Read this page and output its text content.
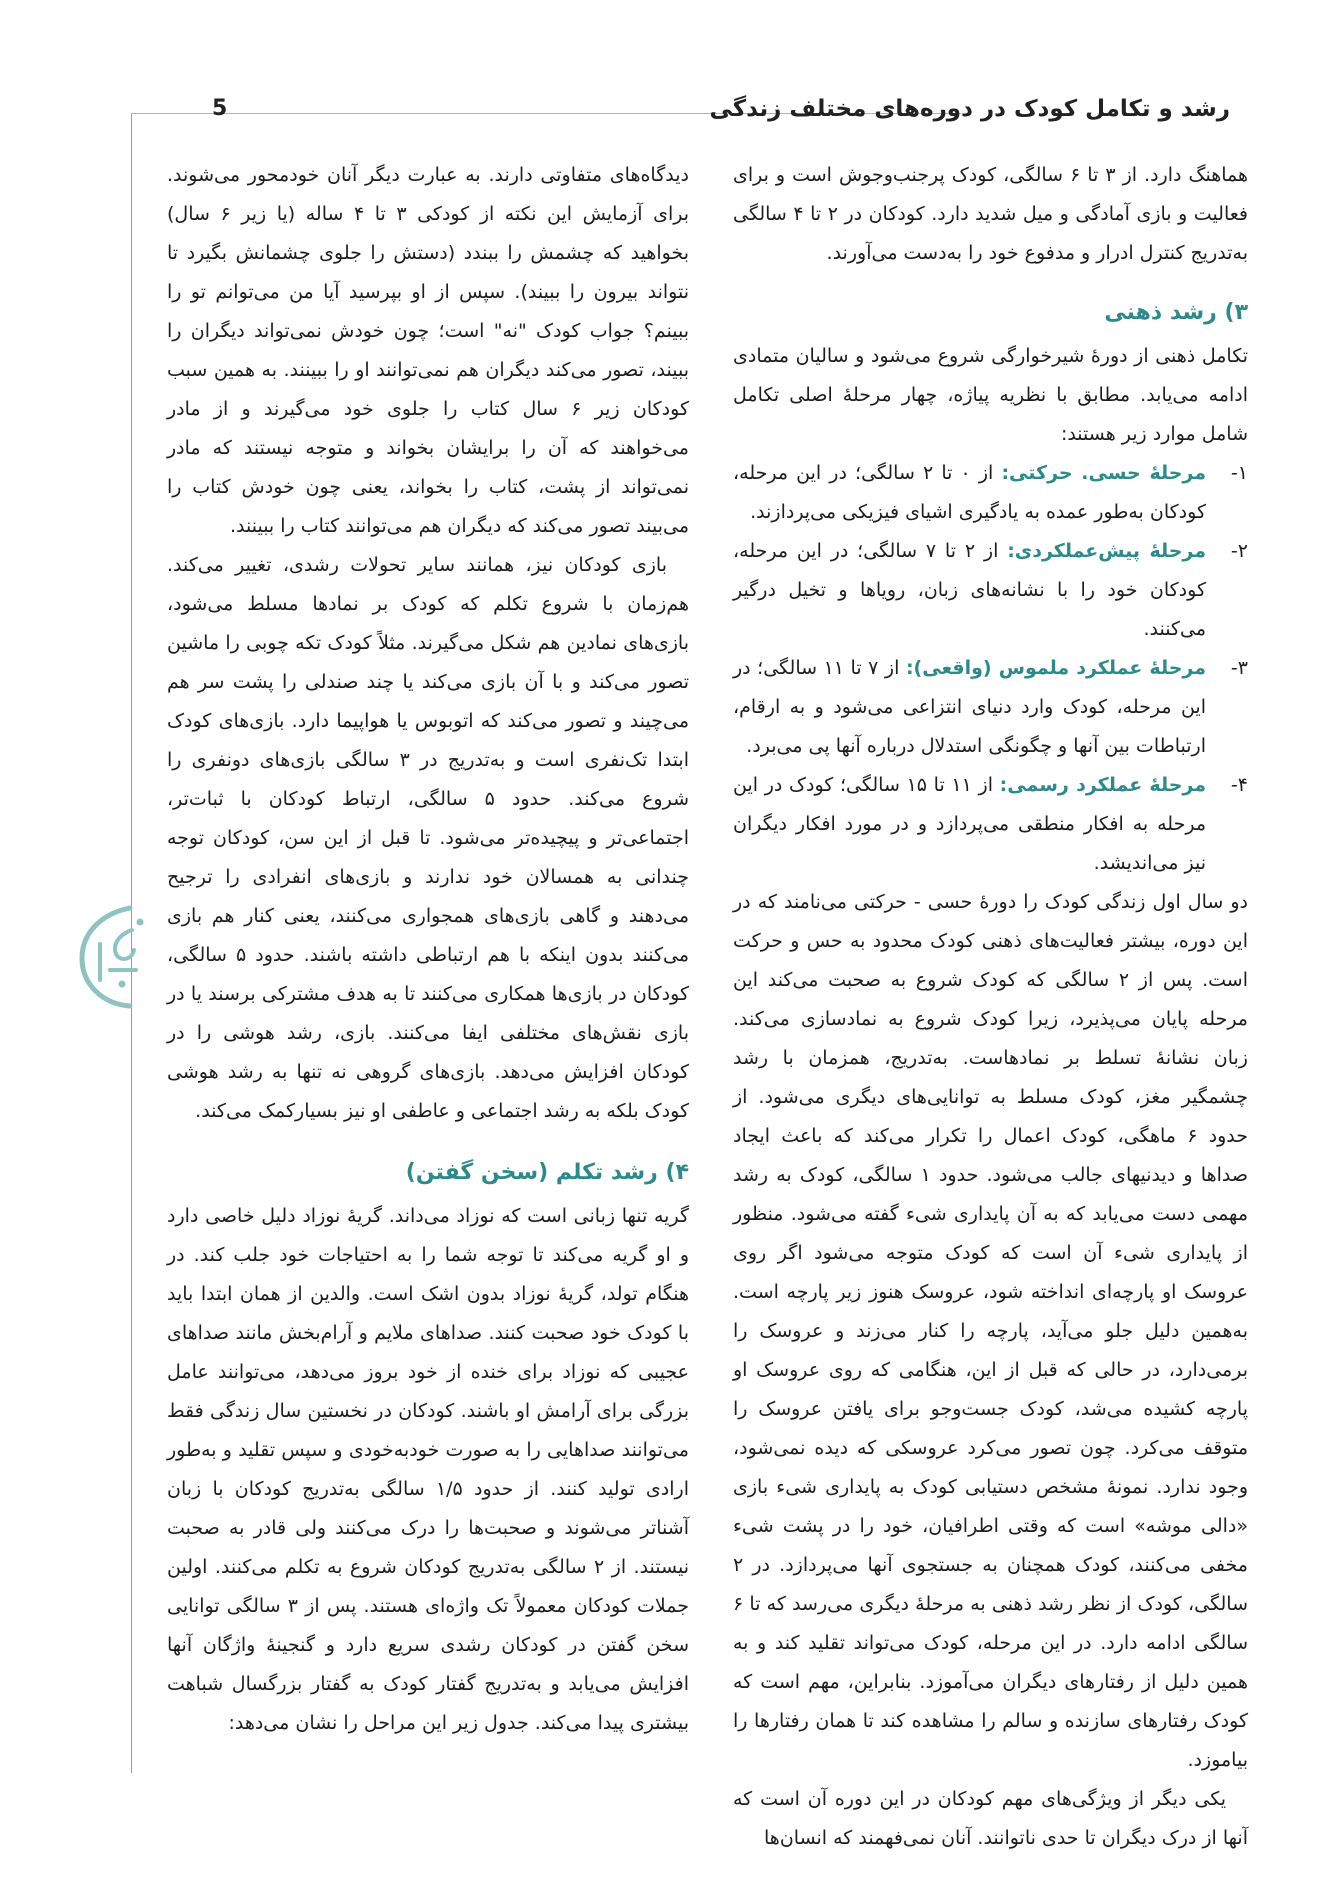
رشد و تکامل کودک در دوره‌های مختلف زندگی
5

هماهنگ دارد. از ۳ تا ۶ سالگی، کودک پرجنب‌وجوش است و برای فعالیت و بازی آمادگی و میل شدید دارد. کودکان در ۲ تا ۴ سالگی به‌تدریج کنترل ادرار و مدفوع خود را به‌دست می‌آورند.

۳) رشد ذهنی

تکامل ذهنی از دورهٔ شیرخوارگی شروع می‌شود و سالیان متمادی ادامه می‌یابد. مطابق با نظریه پیاژه، چهار مرحلهٔ اصلی تکامل شامل موارد زیر هستند:

۱-
مرحلهٔ حسی. حرکتی: از ۰ تا ۲ سالگی؛ در این مرحله، کودکان به‌طور عمده به یادگیری اشیای فیزیکی می‌پردازند.

۲-
مرحلهٔ پیش‌عملکردی: از ۲ تا ۷ سالگی؛ در این مرحله، کودکان خود را با نشانه‌های زبان، رویاها و تخیل درگیر می‌کنند.

۳-
مرحلهٔ عملکرد ملموس (واقعی): از ۷ تا ۱۱ سالگی؛ در این مرحله، کودک وارد دنیای انتزاعی می‌شود و به ارقام، ارتباطات بین آنها و چگونگی استدلال درباره آنها پی می‌برد.

۴-
مرحلهٔ عملکرد رسمی: از ۱۱ تا ۱۵ سالگی؛ کودک در این مرحله به افکار منطقی می‌پردازد و در مورد افکار دیگران نیز می‌اندیشد.

دو سال اول زندگی کودک را دورهٔ حسی - حرکتی می‌نامند که در این دوره، بیشتر فعالیت‌های ذهنی کودک محدود به حس و حرکت است. پس از ۲ سالگی که کودک شروع به صحبت می‌کند این مرحله پایان می‌پذیرد، زیرا کودک شروع به نمادسازی می‌کند. زبان نشانهٔ تسلط بر نمادهاست. به‌تدریج، همزمان با رشد چشمگیر مغز، کودک مسلط به توانایی‌های دیگری می‌شود. از حدود ۶ ماهگی، کودک اعمال را تکرار می‌کند که باعث ایجاد صداها و دیدنیهای جالب می‌شود. حدود ۱ سالگی، کودک به رشد مهمی دست می‌یابد که به آن پایداری شیء گفته می‌شود. منظور از پایداری شیء آن است که کودک متوجه می‌شود اگر روی عروسک او پارچه‌ای انداخته شود، عروسک هنوز زیر پارچه است. به‌همین دلیل جلو می‌آید، پارچه را کنار می‌زند و عروسک را برمی‌دارد، در حالی که قبل از این، هنگامی که روی عروسک او پارچه کشیده می‌شد، کودک جست‌وجو برای یافتن عروسک را متوقف می‌کرد. چون تصور می‌کرد عروسکی که دیده نمی‌شود، وجود ندارد. نمونهٔ مشخص دستیابی کودک به پایداری شیء بازی «دالی موشه» است که وقتی اطرافیان، خود را در پشت شیء مخفی می‌کنند، کودک همچنان به جستجوی آنها می‌پردازد. در ۲ سالگی، کودک از نظر رشد ذهنی به مرحلهٔ دیگری می‌رسد که تا ۶ سالگی ادامه دارد. در این مرحله، کودک می‌تواند تقلید کند و به همین دلیل از رفتارهای دیگران می‌آموزد. بنابراین، مهم است که کودک رفتارهای سازنده و سالم را مشاهده کند تا همان رفتارها را بیاموزد.

یکی دیگر از ویژگی‌های مهم کودکان در این دوره آن است که آنها از درک دیگران تا حدی ناتوانند. آنان نمی‌فهمند که انسان‌ها

دیدگاه‌های متفاوتی دارند. به عبارت دیگر آنان خودمحور می‌شوند. برای آزمایش این نکته از کودکی ۳ تا ۴ ساله (یا زیر ۶ سال) بخواهید که چشمش را ببندد (دستش را جلوی چشمانش بگیرد تا نتواند بیرون را ببیند). سپس از او بپرسید آیا من می‌توانم تو را ببینم؟ جواب کودک "نه" است؛ چون خودش نمی‌تواند دیگران را ببیند، تصور می‌کند دیگران هم نمی‌توانند او را ببینند. به همین سبب کودکان زیر ۶ سال کتاب را جلوی خود می‌گیرند و از مادر می‌خواهند که آن را برایشان بخواند و متوجه نیستند که مادر نمی‌تواند از پشت، کتاب را بخواند، یعنی چون خودش کتاب را می‌بیند تصور می‌کند که دیگران هم می‌توانند کتاب را ببینند.

بازی کودکان نیز، همانند سایر تحولات رشدی، تغییر می‌کند. هم‌زمان با شروع تکلم که کودک بر نمادها مسلط می‌شود، بازی‌های نمادین هم شکل می‌گیرند. مثلاً کودک تکه چوبی را ماشین تصور می‌کند و با آن بازی می‌کند یا چند صندلی را پشت سر هم می‌چیند و تصور می‌کند که اتوبوس یا هواپیما دارد. بازی‌های کودک ابتدا تک‌نفری است و به‌تدریج در ۳ سالگی بازی‌های دونفری را شروع می‌کند. حدود ۵ سالگی، ارتباط کودکان با ثبات‌تر، اجتماعی‌تر و پیچیده‌تر می‌شود. تا قبل از این سن، کودکان توجه چندانی به همسالان خود ندارند و بازی‌های انفرادی را ترجیح می‌دهند و گاهی بازی‌های همجواری می‌کنند، یعنی کنار هم بازی می‌کنند بدون اینکه با هم ارتباطی داشته باشند. حدود ۵ سالگی، کودکان در بازی‌ها همکاری می‌کنند تا به هدف مشترکی برسند یا در بازی نقش‌های مختلفی ایفا می‌کنند. بازی، رشد هوشی را در کودکان افزایش می‌دهد. بازی‌های گروهی نه تنها به رشد هوشی کودک بلکه به رشد اجتماعی و عاطفی او نیز بسیارکمک می‌کند.

۴) رشد تکلم (سخن گفتن)

گریه تنها زبانی است که نوزاد می‌داند. گریهٔ نوزاد دلیل خاصی دارد و او گریه می‌کند تا توجه شما را به احتیاجات خود جلب کند. در هنگام تولد، گریهٔ نوزاد بدون اشک است. والدین از همان ابتدا باید با کودک خود صحبت کنند. صداهای ملایم و آرام‌بخش مانند صداهای عجیبی که نوزاد برای خنده از خود بروز می‌دهد، می‌توانند عامل بزرگی برای آرامش او باشند. کودکان در نخستین سال زندگی فقط می‌توانند صداهایی را به صورت خودبه‌خودی و سپس تقلید و به‌طور ارادی تولید کنند. از حدود ۱/۵ سالگی به‌تدریج کودکان با زبان آشناتر می‌شوند و صحبت‌ها را درک می‌کنند ولی قادر به صحبت نیستند. از ۲ سالگی به‌تدریج کودکان شروع به تکلم می‌کنند. اولین جملات کودکان معمولاً تک واژه‌ای هستند. پس از ۳ سالگی توانایی سخن گفتن در کودکان رشدی سریع دارد و گنجینهٔ واژگان آنها افزایش می‌یابد و به‌تدریج گفتار کودک به گفتار بزرگسال شباهت بیشتری پیدا می‌کند. جدول زیر این مراحل را نشان می‌دهد:
